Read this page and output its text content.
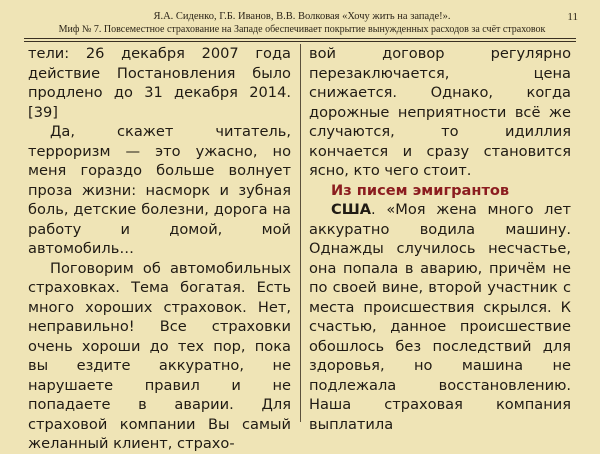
Я.А. Сиденко, Г.Б. Иванов, В.В. Волковая «Хочу жить на западе!».
Миф № 7. Повсеместное страхование на Западе обеспечивает покрытие вынужденных расходов за счёт страховок
11

тели: 26 декабря 2007 года действие Постановления было продлено до 31 декабря 2014.[39]

Да, скажет читатель, терроризм — это ужасно, но меня гораздо больше волнует проза жизни: насморк и зубная боль, детские болезни, дорога на работу и домой, мой автомобиль…

Поговорим об автомобильных страховках. Тема богатая. Есть много хороших страховок. Нет, неправильно! Все страховки очень хороши до тех пор, пока вы ездите аккуратно, не нарушаете правил и не попадаете в аварии. Для страховой компании Вы самый желанный клиент, страхо-

вой договор регулярно перезаключается, цена снижается. Однако, когда дорожные неприятности всё же случаются, то идиллия кончается и сразу становится ясно, кто чего стоит.

Из писем эмигрантов

США. «Моя жена много лет аккуратно водила машину. Однажды случилось несчастье, она попала в аварию, причём не по своей вине, второй участник с места происшествия скрылся. К счастью, данное происшествие обошлось без последствий для здоровья, но машина не подлежала восстановлению. Наша страховая компания выплатила
